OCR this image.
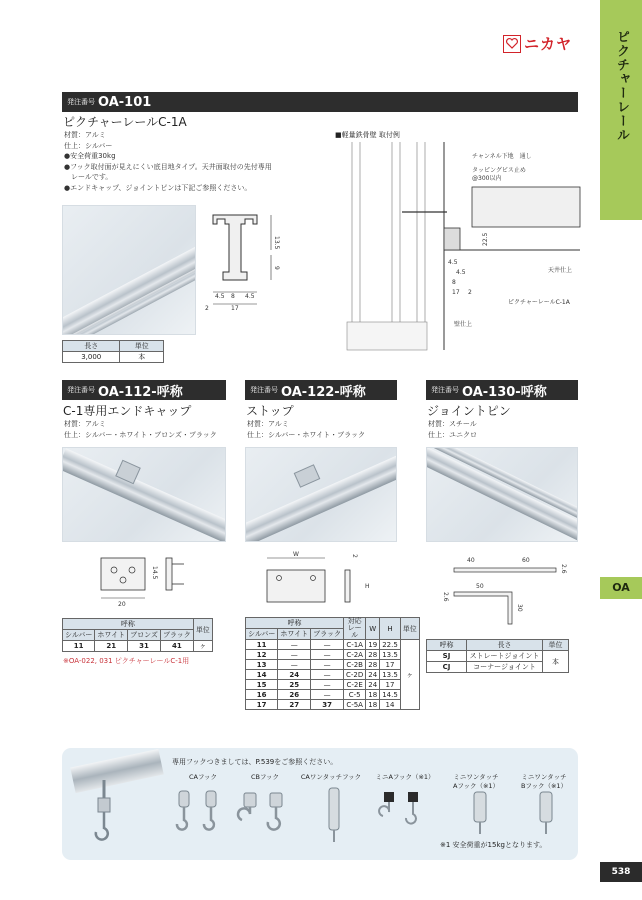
ピクチャーレール
OA
538
ニカヤ
発注番号 OA-101
ピクチャーレールC-1A
材質：アルミ
仕上：シルバー
●安全荷重30kg
●フック取付面が見えにくい底目地タイプ。天井面取付の先付専用
　レールです。
●エンドキャップ、ジョイントピンは下記ご参照ください。
長さ	単位
3,000	本
13.5
9
4.5 8 4.5
17
2
■軽量鉄骨壁 取付例
チャンネル下地　通し
タッピングビス止め
@300以内
22.5
4.5
4.5
8
17 2
天井仕上
ピクチャーレールC-1A
壁仕上
発注番号 OA-112-呼称
C-1専用エンドキャップ
材質：アルミ
仕上：シルバー・ホワイト・ブロンズ・ブラック
20
14.5
呼称				単位
シルバー	ホワイト	ブロンズ	ブラック	
11	21	31	41	ヶ
※OA-022, 031 ピクチャーレールC-1用
発注番号 OA-122-呼称
ストップ
材質：アルミ
仕上：シルバー・ホワイト・ブラック
W	2
H
呼称			対応レール	W	H	単位
シルバー	ホワイト	ブラック				
11	—	—	C-1A	19	22.5	ヶ
12	—	—	C-2A	28	13.5	
13	—	—	C-2B	28	17	
14	24	—	C-2D	24	13.5	
15	25	—	C-2E	24	17	
16	26	—	C-5	18	14.5	
17	27	37	C-5A	18	14	
発注番号 OA-130-呼称
ジョイントピン
材質：スチール
仕上：ユニクロ
40	60
2.6
50
2.6
30
呼称	長さ	単位
SJ	ストレートジョイント	本
CJ	コーナージョイント	
専用フックつきましては、P.539をご参照ください。
CAフック	CBフック	CAワンタッチフック	ミニAフック（※1）	ミニワンタッチ
Aフック（※1）
ミニワンタッチ
Bフック（※1）
※1 安全荷重が15kgとなります。
